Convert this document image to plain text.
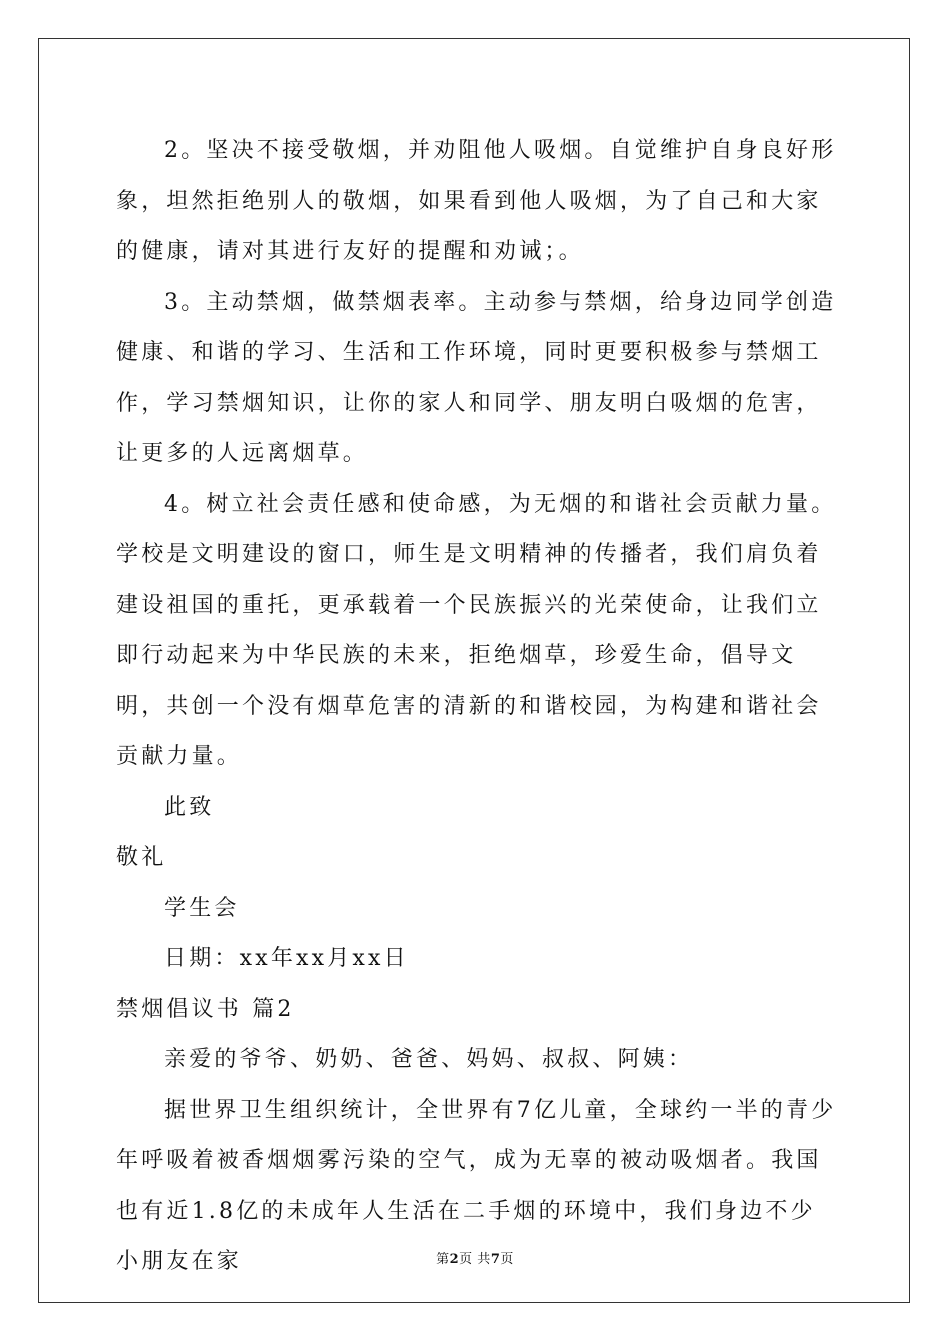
2。坚决不接受敬烟，并劝阻他人吸烟。自觉维护自身良好形象，坦然拒绝别人的敬烟，如果看到他人吸烟，为了自己和大家的健康，请对其进行友好的提醒和劝诫；。

3。主动禁烟，做禁烟表率。主动参与禁烟，给身边同学创造健康、和谐的学习、生活和工作环境，同时更要积极参与禁烟工作，学习禁烟知识，让你的家人和同学、朋友明白吸烟的危害，让更多的人远离烟草。

4。树立社会责任感和使命感，为无烟的和谐社会贡献力量。学校是文明建设的窗口，师生是文明精神的传播者，我们肩负着建设祖国的重托，更承载着一个民族振兴的光荣使命，让我们立即行动起来为中华民族的未来，拒绝烟草，珍爱生命，倡导文明，共创一个没有烟草危害的清新的和谐校园，为构建和谐社会贡献力量。

此致

敬礼

学生会

日期：xx年xx月xx日

禁烟倡议书 篇2

亲爱的爷爷、奶奶、爸爸、妈妈、叔叔、阿姨：

据世界卫生组织统计，全世界有7亿儿童，全球约一半的青少年呼吸着被香烟烟雾污染的空气，成为无辜的被动吸烟者。我国也有近1.8亿的未成年人生活在二手烟的环境中，我们身边不少小朋友在家	第2页 共7页
